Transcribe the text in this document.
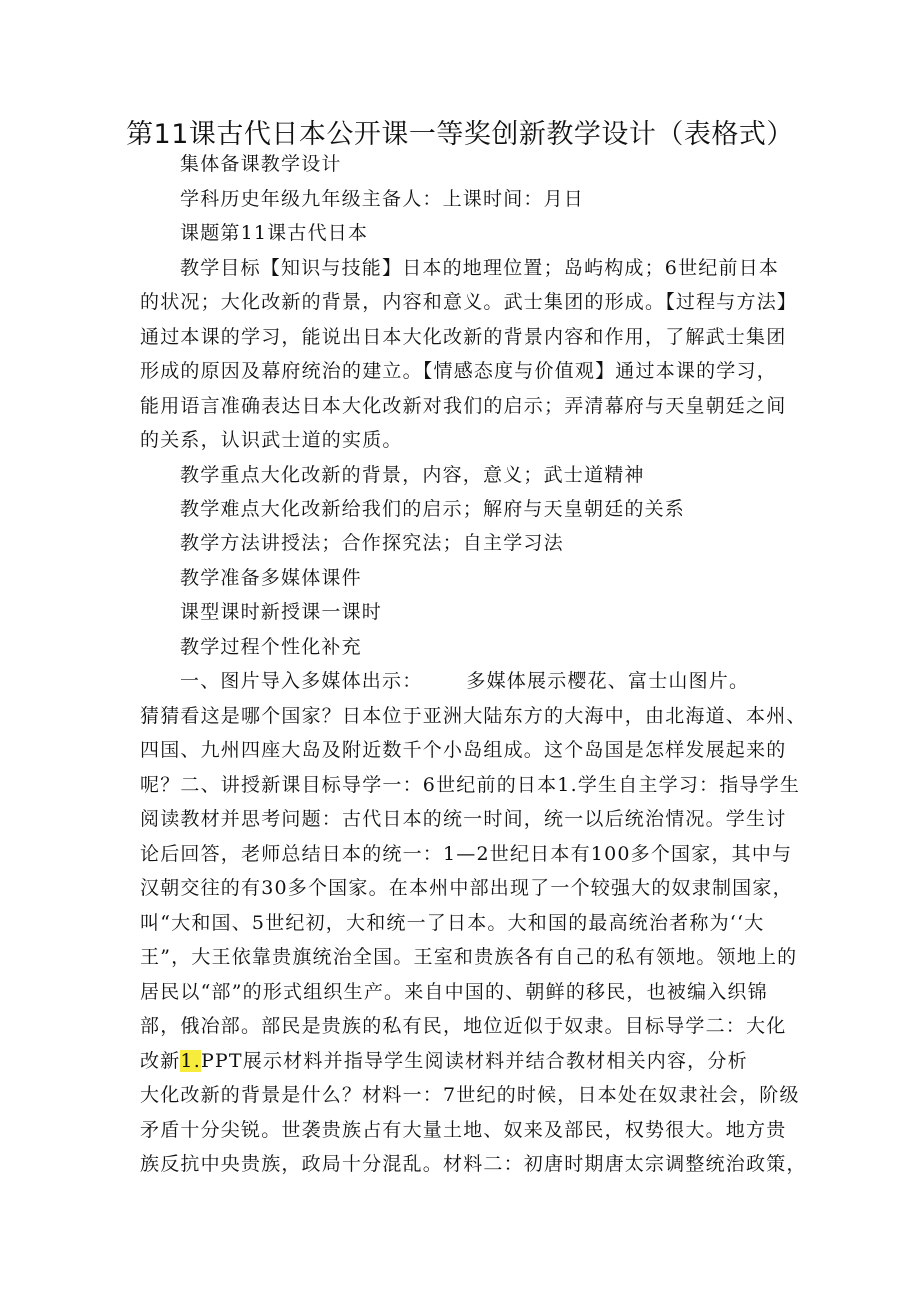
第11课古代日本公开课一等奖创新教学设计（表格式）
集体备课教学设计
学科历史年级九年级主备人：上课时间：月日
课题第11课古代日本
教学目标【知识与技能】日本的地理位置；岛屿构成；6世纪前日本
的状况；大化改新的背景，内容和意义。武士集团的形成。【过程与方法】
通过本课的学习，能说出日本大化改新的背景内容和作用，了解武士集团
形成的原因及幕府统治的建立。【情感态度与价值观】通过本课的学习，
能用语言准确表达日本大化改新对我们的启示；弄清幕府与天皇朝廷之间
的关系，认识武士道的实质。
教学重点大化改新的背景，内容，意义；武士道精神
教学难点大化改新给我们的启示；解府与天皇朝廷的关系
教学方法讲授法；合作探究法；自主学习法
教学准备多媒体课件
课型课时新授课一课时
教学过程个性化补充
一、图片导入多媒体出示： 多媒体展示樱花、富士山图片。
猜猜看这是哪个国家？日本位于亚洲大陆东方的大海中，由北海道、本州、
四国、九州四座大岛及附近数千个小岛组成。这个岛国是怎样发展起来的
呢？二、讲授新课目标导学一：6世纪前的日本1.学生自主学习：指导学生
阅读教材并思考问题：古代日本的统一时间，统一以后统治情况。学生讨
论后回答，老师总结日本的统一：1—2世纪日本有100多个国家，其中与
汉朝交往的有30多个国家。在本州中部出现了一个较强大的奴隶制国家，
叫“大和国、5世纪初，大和统一了日本。大和国的最高统治者称为‘‘大
王”，大王依靠贵旗统治全国。王室和贵族各有自己的私有领地。领地上的
居民以“部”的形式组织生产。来自中国的、朝鲜的移民，也被编入织锦
部，俄冶部。部民是贵族的私有民，地位近似于奴隶。目标导学二：大化
改新1.PPT展示材料并指导学生阅读材料并结合教材相关内容，分析
大化改新的背景是什么？材料一：7世纪的时候，日本处在奴隶社会，阶级
矛盾十分尖锐。世袭贵族占有大量土地、奴来及部民，权势很大。地方贵
族反抗中央贵族，政局十分混乱。材料二：初唐时期唐太宗调整统治政策，
